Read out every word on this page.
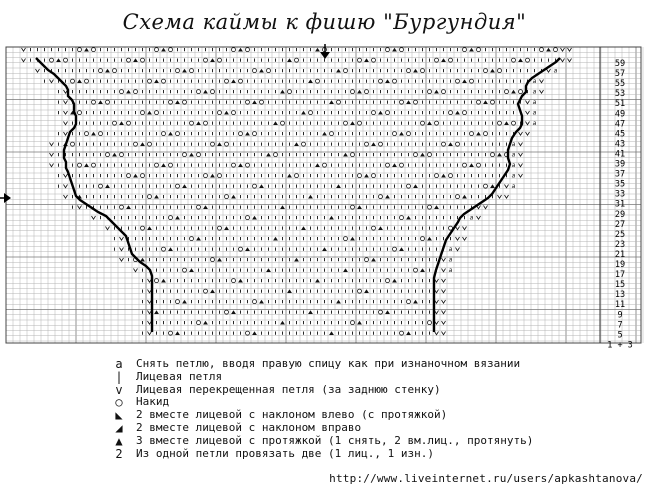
Схема каймы к фишю "Бургундия"
a
a
a
a
a
a
a
a
a
a
a
a
a
a
a
59
57
55
53
51
49
47
45
43
41
39
37
35
33
31
29
27
25
23
21
19
17
15
13
11
9
7
5
1 + 3
a	Снять петлю, вводя правую спицу как при изнаночном вязании
|	Лицевая петля
v	Лицевая перекрещенная петля (за заднюю стенку)
○	Накид
◣	2 вместе лицевой с наклоном влево (с протяжкой)
◢	2 вместе лицевой с наклоном вправо
▲	3 вместе лицевой с протяжкой (1 снять, 2 вм.лиц., протянуть)
2	Из одной петли провязать две (1 лиц., 1 изн.)
http://www.liveinternet.ru/users/apkashtanova/
